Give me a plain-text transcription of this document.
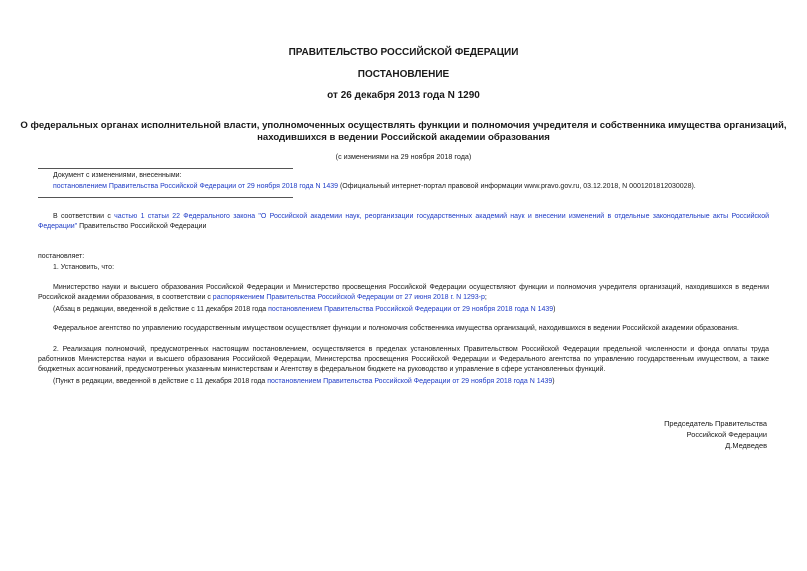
ПРАВИТЕЛЬСТВО РОССИЙСКОЙ ФЕДЕРАЦИИ
ПОСТАНОВЛЕНИЕ
от 26 декабря 2013 года N 1290
О федеральных органах исполнительной власти, уполномоченных осуществлять функции и полномочия учредителя и собственника имущества организаций,
находившихся в ведении Российской академии образования
(с изменениями на 29 ноября 2018 года)
Документ с изменениями, внесенными:
постановлением Правительства Российской Федерации от 29 ноября 2018 года N 1439 (Официальный интернет-портал правовой информации www.pravo.gov.ru, 03.12.2018, N 0001201812030028).
В соответствии с частью 1 статьи 22 Федерального закона "О Российской академии наук, реорганизации государственных академий наук и внесении изменений в отдельные законодательные акты Российской Федерации" Правительство Российской Федерации
постановляет:
1. Установить, что:
Министерство науки и высшего образования Российской Федерации и Министерство просвещения Российской Федерации осуществляют функции и полномочия учредителя организаций, находившихся в ведении Российской академии образования, в соответствии с распоряжением Правительства Российской Федерации от 27 июня 2018 г. N 1293-р;
(Абзац в редакции, введенной в действие с 11 декабря 2018 года постановлением Правительства Российской Федерации от 29 ноября 2018 года N 1439)
Федеральное агентство по управлению государственным имуществом осуществляет функции и полномочия собственника имущества организаций, находившихся в ведении Российской академии образования.
2. Реализация полномочий, предусмотренных настоящим постановлением, осуществляется в пределах установленных Правительством Российской Федерации предельной численности и фонда оплаты труда работников Министерства науки и высшего образования Российской Федерации, Министерства просвещения Российской Федерации и Федерального агентства по управлению государственным имуществом, а также бюджетных ассигнований, предусмотренных указанным министерствам и Агентству в федеральном бюджете на руководство и управление в сфере установленных функций.
(Пункт в редакции, введенной в действие с 11 декабря 2018 года постановлением Правительства Российской Федерации от 29 ноября 2018 года N 1439)
Председатель Правительства
Российской Федерации
Д.Медведев
